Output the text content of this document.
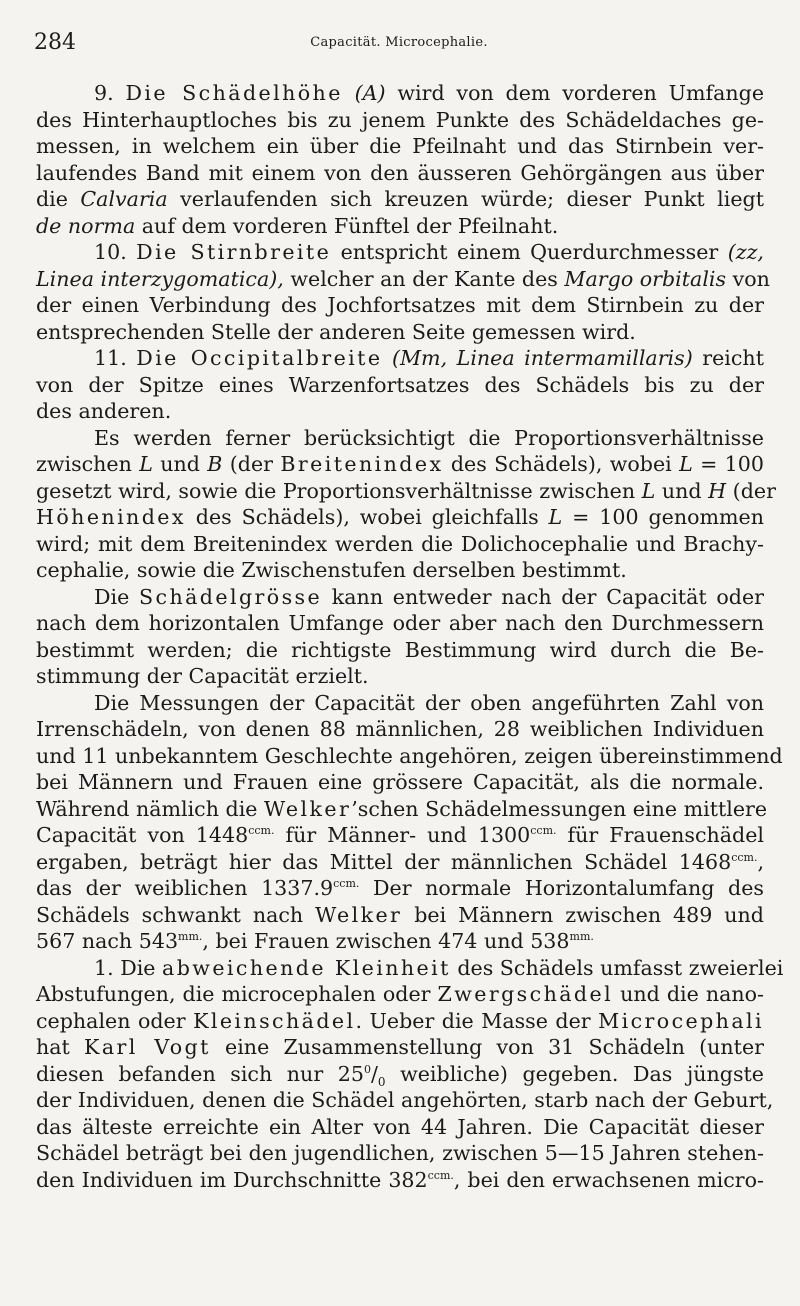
284	Capacität. Microcephalie.
9. Die Schädelhöhe (A) wird von dem vorderen Umfange
des Hinterhauptloches bis zu jenem Punkte des Schädeldaches ge-
messen, in welchem ein über die Pfeilnaht und das Stirnbein ver-
laufendes Band mit einem von den äusseren Gehörgängen aus über
die Calvaria verlaufenden sich kreuzen würde; dieser Punkt liegt
de norma auf dem vorderen Fünftel der Pfeilnaht.
10. Die Stirnbreite entspricht einem Querdurchmesser (zz,
Linea interzygomatica), welcher an der Kante des Margo orbitalis von
der einen Verbindung des Jochfortsatzes mit dem Stirnbein zu der
entsprechenden Stelle der anderen Seite gemessen wird.
11. Die Occipitalbreite (Mm, Linea intermamillaris) reicht
von der Spitze eines Warzenfortsatzes des Schädels bis zu der
des anderen.
Es werden ferner berücksichtigt die Proportionsverhältnisse
zwischen L und B (der Breitenindex des Schädels), wobei L = 100
gesetzt wird, sowie die Proportionsverhältnisse zwischen L und H (der
Höhenindex des Schädels), wobei gleichfalls L = 100 genommen
wird; mit dem Breitenindex werden die Dolichocephalie und Brachy-
cephalie, sowie die Zwischenstufen derselben bestimmt.
Die Schädelgrösse kann entweder nach der Capacität oder
nach dem horizontalen Umfange oder aber nach den Durchmessern
bestimmt werden; die richtigste Bestimmung wird durch die Be-
stimmung der Capacität erzielt.
Die Messungen der Capacität der oben angeführten Zahl von
Irrenschädeln, von denen 88 männlichen, 28 weiblichen Individuen
und 11 unbekanntem Geschlechte angehören, zeigen übereinstimmend
bei Männern und Frauen eine grössere Capacität, als die normale.
Während nämlich die Welker’schen Schädelmessungen eine mittlere
Capacität von $1448^{ccm.}$ für Männer- und $1300^{ccm.}$ für Frauenschädel
ergaben, beträgt hier das Mittel der männlichen Schädel $1468^{ccm.}$,
das der weiblichen $1337.9^{ccm.}$ Der normale Horizontalumfang des
Schädels schwankt nach Welker bei Männern zwischen 489 und
567 nach $543^{mm.}$, bei Frauen zwischen 474 und $538^{mm.}$
1. Die abweichende Kleinheit des Schädels umfasst zweierlei
Abstufungen, die microcephalen oder Zwergschädel und die nano-
cephalen oder Kleinschädel. Ueber die Masse der Microcephali
hat Karl Vogt eine Zusammenstellung von 31 Schädeln (unter
diesen befanden sich nur $25^0/_0$ weibliche) gegeben. Das jüngste
der Individuen, denen die Schädel angehörten, starb nach der Geburt,
das älteste erreichte ein Alter von 44 Jahren. Die Capacität dieser
Schädel beträgt bei den jugendlichen, zwischen 5—15 Jahren stehen-
den Individuen im Durchschnitte $382^{ccm.}$, bei den erwachsenen micro-
